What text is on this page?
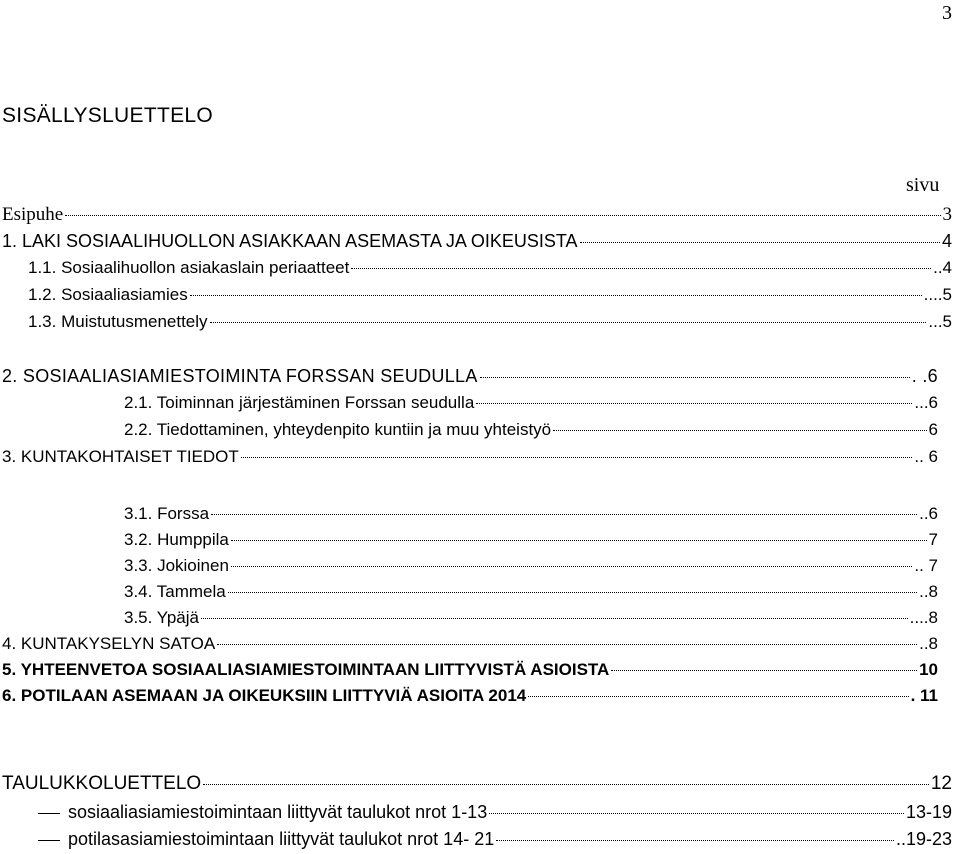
3
SISÄLLYSLUETTELO
sivu
Esipuhe	3
1. LAKI SOSIAALIHUOLLON ASIAKKAAN ASEMASTA JA OIKEUSISTA	4
1.1. Sosiaalihuollon asiakaslain periaatteet	..4
1.2. Sosiaaliasiamies	....5
1.3. Muistutusmenettely	...5
2. SOSIAALIASIAMIESTOIMINTA FORSSAN SEUDULLA	. .6
2.1. Toiminnan järjestäminen Forssan seudulla	...6
2.2. Tiedottaminen, yhteydenpito kuntiin ja muu yhteistyö	6
3. KUNTAKOHTAISET TIEDOT	.. 6
3.1. Forssa	..6
3.2. Humppila	7
3.3. Jokioinen	.. 7
3.4. Tammela	..8
3.5. Ypäjä	....8
4. KUNTAKYSELYN SATOA	..8
5. YHTEENVETOA SOSIAALIASIAMIESTOIMINTAAN LIITTYVISTÄ ASIOISTA	10
6. POTILAAN ASEMAAN JA OIKEUKSIIN LIITTYVIÄ ASIOITA 2014	. 11
TAULUKKOLUETTELO	12
sosiaaliasiamiestoimintaan liittyvät taulukot nrot 1-13	13-19
potilasasiamiestoimintaan liittyvät taulukot nrot 14- 21	..19-23
